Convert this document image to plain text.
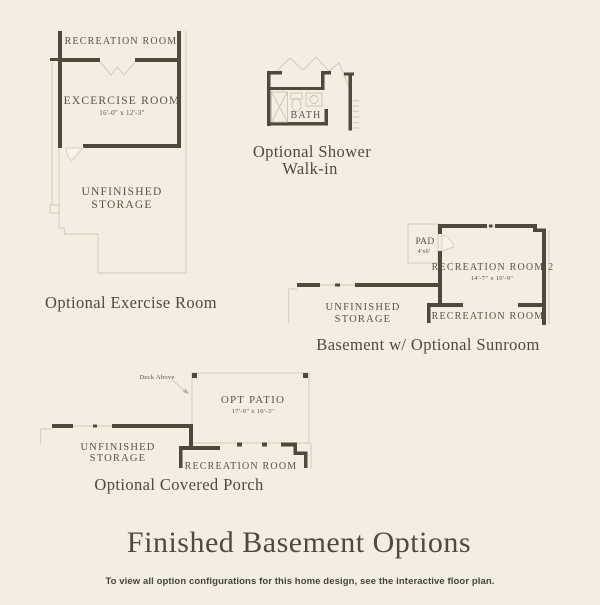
RECREATION ROOM
EXCERCISE ROOM
16'-0" x 12'-3"
UNFINISHED
STORAGE
Optional Exercise Room
BATH
Optional Shower
Walk-in
PAD
4'x6'
RECREATION ROOM 2
14'-7" x 10'-9"
UNFINISHED
STORAGE	RECREATION ROOM
Basement w/ Optional Sunroom
Deck Above
OPT PATIO
17'-0" x 10'-3"
UNFINISHED
STORAGE
RECREATION ROOM
Optional Covered Porch
Finished Basement Options
To view all option configurations for this home design, see the interactive floor plan.
